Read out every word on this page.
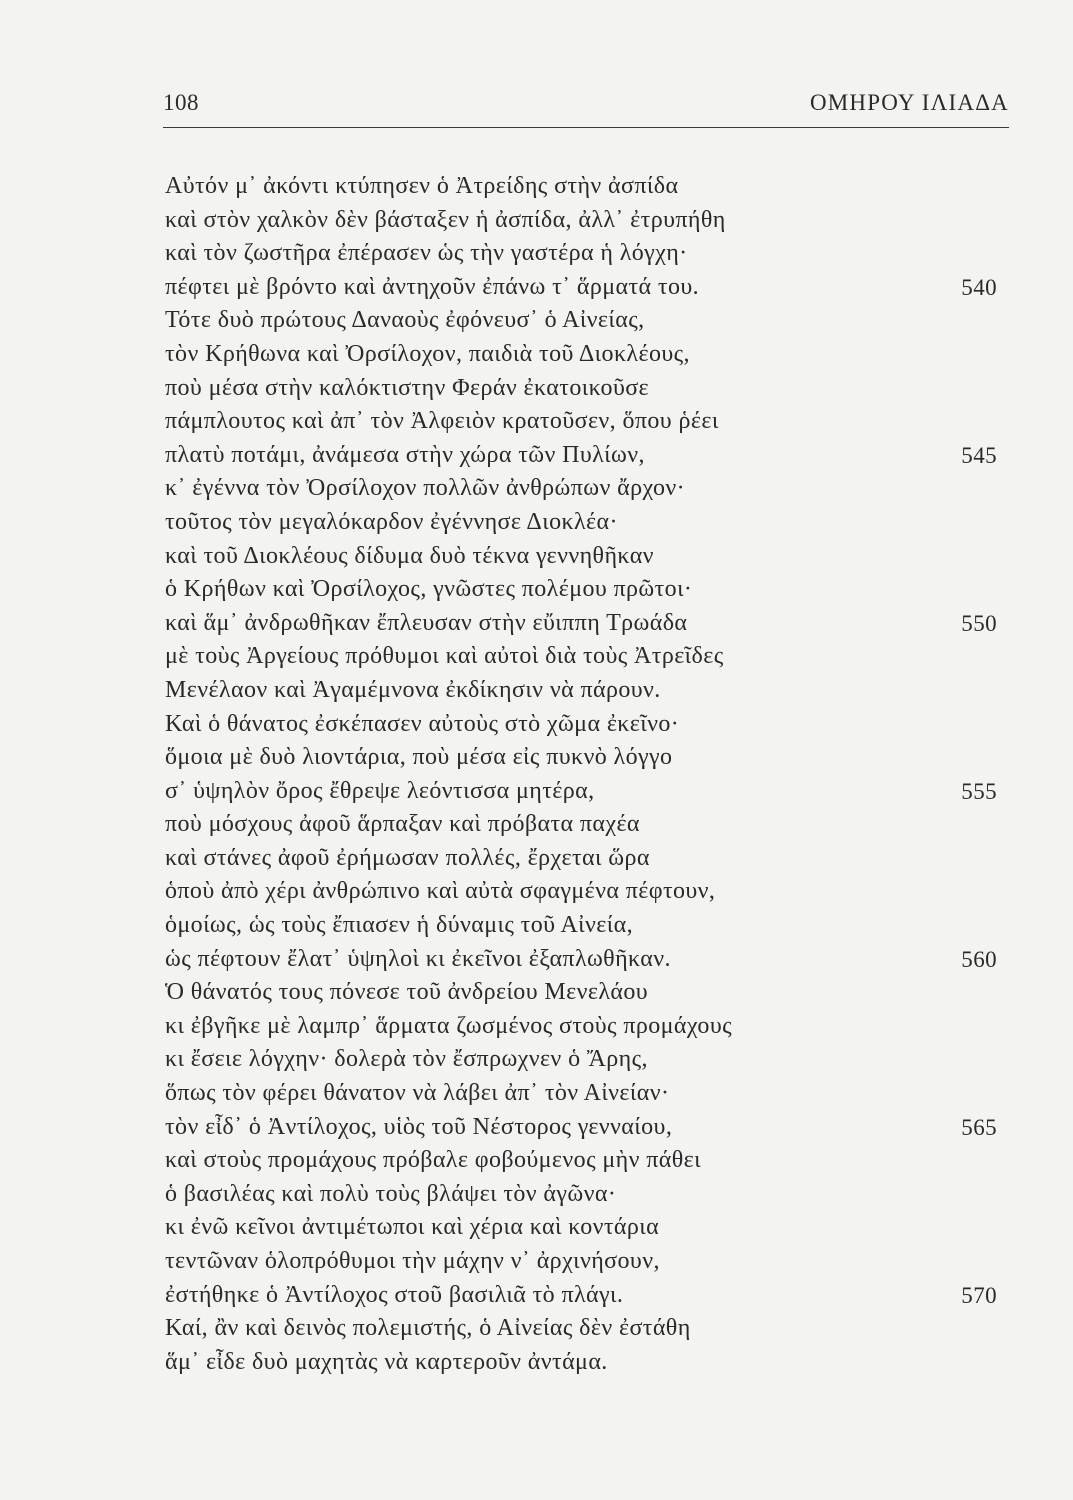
108	ΟΜΗΡΟΥ ΙΛΙΑΔΑ
Αὐτόν μ᾿ ἀκόντι κτύπησεν ὁ Ἀτρείδης στὴν ἀσπίδα
καὶ στὸν χαλκὸν δὲν βάσταξεν ἡ ἀσπίδα, ἀλλ᾿ ἐτρυπήθη
καὶ τὸν ζωστῆρα ἐπέρασεν ὡς τὴν γαστέρα ἡ λόγχη·
πέφτει μὲ βρόντο καὶ ἀντηχοῦν ἐπάνω τ᾿ ἅρματά του.	540
Τότε δυὸ πρώτους Δαναοὺς ἐφόνευσ᾿ ὁ Αἰνείας,
τὸν Κρήθωνα καὶ Ὀρσίλοχον, παιδιὰ τοῦ Διοκλέους,
ποὺ μέσα στὴν καλόκτιστην Φεράν ἐκατοικοῦσε
πάμπλουτος καὶ ἀπ᾿ τὸν Ἀλφειὸν κρατοῦσεν, ὅπου ῥέει
πλατὺ ποτάμι, ἀνάμεσα στὴν χώρα τῶν Πυλίων,	545
κ᾿ ἐγέννα τὸν Ὀρσίλοχον πολλῶν ἀνθρώπων ἄρχον·
τοῦτος τὸν μεγαλόκαρδον ἐγέννησε Διοκλέα·
καὶ τοῦ Διοκλέους δίδυμα δυὸ τέκνα γεννηθῆκαν
ὁ Κρήθων καὶ Ὀρσίλοχος, γνῶστες πολέμου πρῶτοι·
καὶ ἅμ᾿ ἀνδρωθῆκαν ἔπλευσαν στὴν εὔιππη Τρωάδα	550
μὲ τοὺς Ἀργείους πρόθυμοι καὶ αὐτοὶ διὰ τοὺς Ἀτρεῖδες
Μενέλαον καὶ Ἀγαμέμνονα ἐκδίκησιν νὰ πάρουν.
Καὶ ὁ θάνατος ἐσκέπασεν αὐτοὺς στὸ χῶμα ἐκεῖνο·
ὅμοια μὲ δυὸ λιοντάρια, ποὺ μέσα εἰς πυκνὸ λόγγο
σ᾿ ὑψηλὸν ὄρος ἔθρεψε λεόντισσα μητέρα,	555
ποὺ μόσχους ἀφοῦ ἅρπαξαν καὶ πρόβατα παχέα
καὶ στάνες ἀφοῦ ἐρήμωσαν πολλές, ἔρχεται ὥρα
ὁποὺ ἀπὸ χέρι ἀνθρώπινο καὶ αὐτὰ σφαγμένα πέφτουν,
ὁμοίως, ὡς τοὺς ἔπιασεν ἡ δύναμις τοῦ Αἰνεία,
ὡς πέφτουν ἔλατ᾿ ὑψηλοὶ κι ἐκεῖνοι ἐξαπλωθῆκαν.	560
Ὁ θάνατός τους πόνεσε τοῦ ἀνδρείου Μενελάου
κι ἐβγῆκε μὲ λαμπρ᾿ ἅρματα ζωσμένος στοὺς προμάχους
κι ἔσειε λόγχην· δολερὰ τὸν ἔσπρωχνεν ὁ Ἄρης,
ὅπως τὸν φέρει θάνατον νὰ λάβει ἀπ᾿ τὸν Αἰνείαν·
τὸν εἶδ᾿ ὁ Ἀντίλοχος, υἱὸς τοῦ Νέστορος γενναίου,	565
καὶ στοὺς προμάχους πρόβαλε φοβούμενος μὴν πάθει
ὁ βασιλέας καὶ πολὺ τοὺς βλάψει τὸν ἀγῶνα·
κι ἐνῶ κεῖνοι ἀντιμέτωποι καὶ χέρια καὶ κοντάρια
τεντῶναν ὁλοπρόθυμοι τὴν μάχην ν᾿ ἀρχινήσουν,
ἐστήθηκε ὁ Ἀντίλοχος στοῦ βασιλιᾶ τὸ πλάγι.	570
Καί, ἂν καὶ δεινὸς πολεμιστής, ὁ Αἰνείας δὲν ἐστάθη
ἅμ᾿ εἶδε δυὸ μαχητὰς νὰ καρτεροῦν ἀντάμα.
